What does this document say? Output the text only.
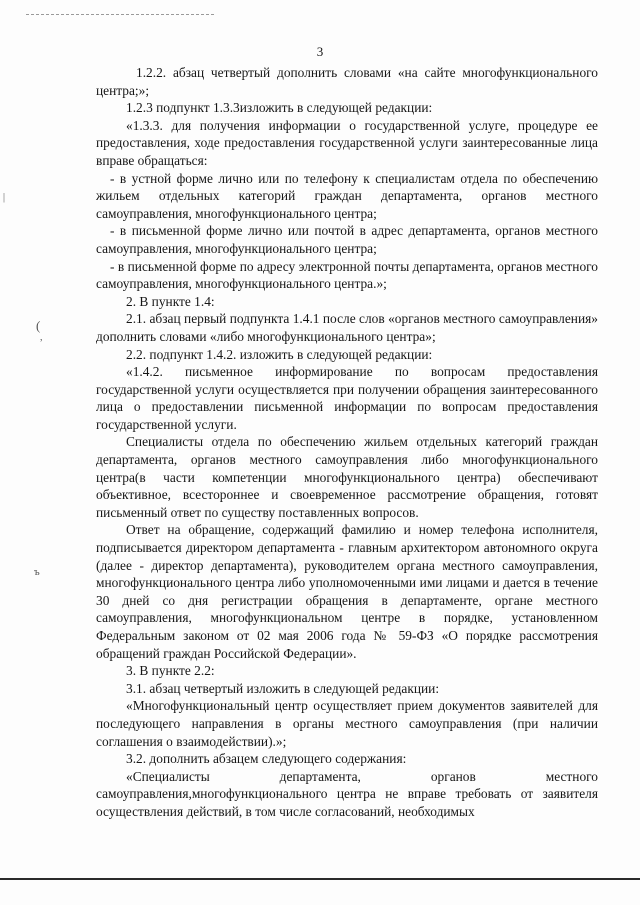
|
(
,
ъ
3

1.2.2. абзац четвертый дополнить словами «на сайте многофункционального центра;»;

1.2.3 подпункт 1.3.3изложить в следующей редакции:

«1.3.3. для получения информации о государственной услуге, процедуре ее предоставления, ходе предоставления государственной услуги заинтересованные лица вправе обращаться:

- в устной форме лично или по телефону к специалистам отдела по обеспечению жильем отдельных категорий граждан департамента, органов местного самоуправления, многофункционального центра;

- в письменной форме лично или почтой в адрес департамента, органов местного самоуправления, многофункционального центра;

- в письменной форме по адресу электронной почты департамента, органов местного самоуправления, многофункционального центра.»;

2. В пункте 1.4:

2.1. абзац первый подпункта 1.4.1 после слов «органов местного самоуправления» дополнить словами «либо многофункционального центра»;

2.2. подпункт 1.4.2. изложить в следующей редакции:

«1.4.2. письменное информирование по вопросам предоставления государственной услуги осуществляется при получении обращения заинтересованного лица о предоставлении письменной информации по вопросам предоставления государственной услуги.

Специалисты отдела по обеспечению жильем отдельных категорий граждан департамента, органов местного самоуправления либо многофункционального центра(в части компетенции многофункционального центра) обеспечивают объективное, всестороннее и своевременное рассмотрение обращения, готовят письменный ответ по существу поставленных вопросов.

Ответ на обращение, содержащий фамилию и номер телефона исполнителя, подписывается директором департамента - главным архитектором автономного округа (далее - директор департамента), руководителем органа местного самоуправления, многофункционального центра либо уполномоченными ими лицами и дается в течение 30 дней со дня регистрации обращения в департаменте, органе местного самоуправления, многофункциональном центре в порядке, установленном Федеральным законом от 02 мая 2006 года № 59-ФЗ «О порядке рассмотрения обращений граждан Российской Федерации».

3. В пункте 2.2:

3.1. абзац четвертый изложить в следующей редакции:

«Многофункциональный центр осуществляет прием документов заявителей для последующего направления в органы местного самоуправления (при наличии соглашения о взаимодействии).»;

3.2. дополнить абзацем следующего содержания:

«Специалисты департамента, органов местного самоуправления,многофункционального центра не вправе требовать от заявителя осуществления действий, в том числе согласований, необходимых
